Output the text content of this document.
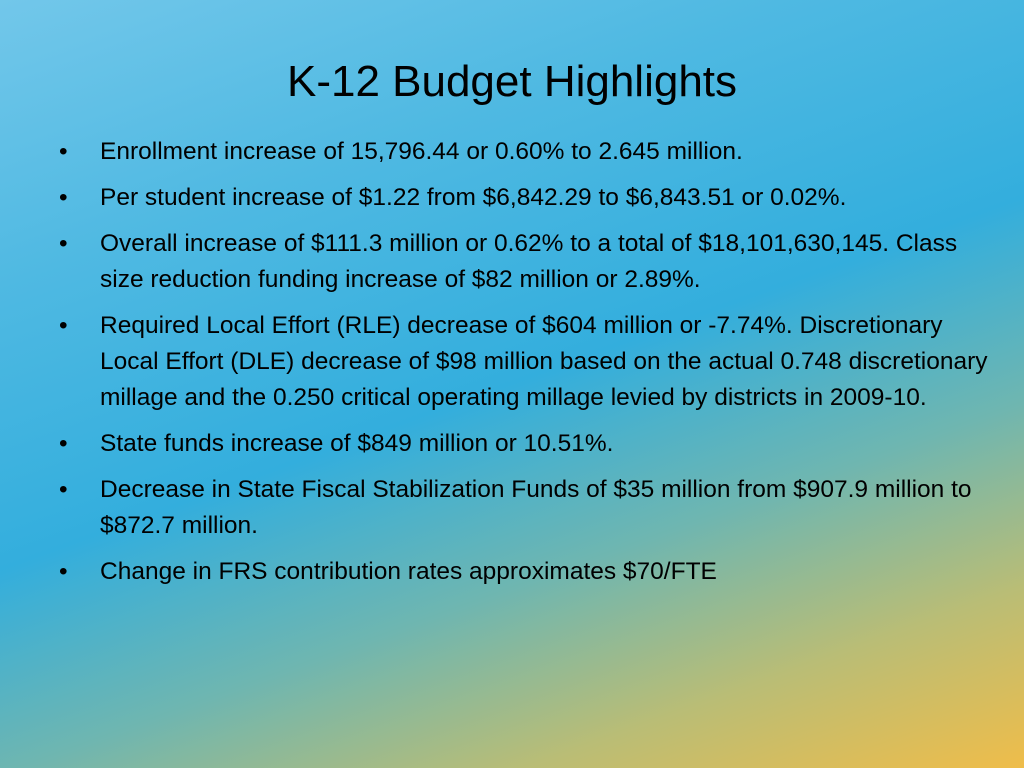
K-12 Budget Highlights
• Enrollment increase of 15,796.44 or 0.60% to 2.645 million.
• Per student increase of $1.22 from $6,842.29 to $6,843.51 or 0.02%.
• Overall increase of $111.3 million or 0.62% to a total of $18,101,630,145. Class size reduction funding increase of $82 million or 2.89%.
• Required Local Effort (RLE) decrease of $604 million or -7.74%. Discretionary Local Effort (DLE) decrease of $98 million based on the actual 0.748 discretionary millage and the 0.250 critical operating millage levied by districts in 2009-10.
• State funds increase of $849 million or 10.51%.
• Decrease in State Fiscal Stabilization Funds of $35 million from $907.9 million to $872.7 million.
• Change in FRS contribution rates approximates $70/FTE
